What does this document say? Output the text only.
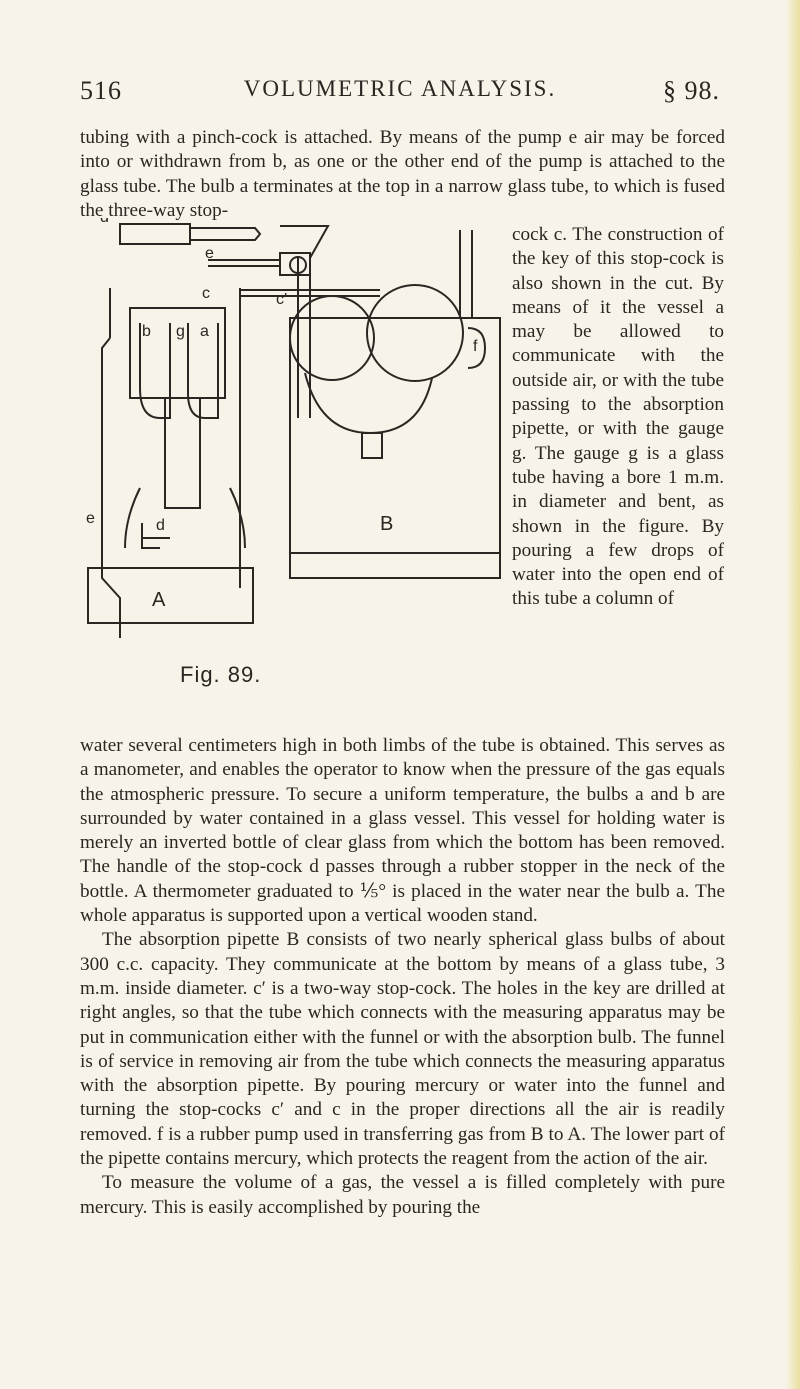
516	VOLUMETRIC ANALYSIS.	§ 98.

tubing with a pinch-cock is attached. By means of the pump e air may be forced into or withdrawn from b, as one or the other end of the pump is attached to the glass tube. The bulb a terminates at the top in a narrow glass tube, to which is fused the three-way stop-

e
c	c′
b g a
f
e	d
A
B
Fig. 89.

cock c. The construction of the key of this stop-cock is also shown in the cut. By means of it the vessel a may be allowed to communicate with the outside air, or with the tube passing to the absorption pipette, or with the gauge g. The gauge g is a glass tube having a bore 1 m.m. in diameter and bent, as shown in the figure. By pouring a few drops of water into the open end of this tube a column of

water several centimeters high in both limbs of the tube is obtained. This serves as a manometer, and enables the operator to know when the pressure of the gas equals the atmospheric pressure. To secure a uniform temperature, the bulbs a and b are surrounded by water contained in a glass vessel. This vessel for holding water is merely an inverted bottle of clear glass from which the bottom has been removed. The handle of the stop-cock d passes through a rubber stopper in the neck of the bottle. A thermometer graduated to ⅕° is placed in the water near the bulb a. The whole apparatus is supported upon a vertical wooden stand.

The absorption pipette B consists of two nearly spherical glass bulbs of about 300 c.c. capacity. They communicate at the bottom by means of a glass tube, 3 m.m. inside diameter. c′ is a two-way stop-cock. The holes in the key are drilled at right angles, so that the tube which connects with the measuring apparatus may be put in communication either with the funnel or with the absorption bulb. The funnel is of service in removing air from the tube which connects the measuring apparatus with the absorption pipette. By pouring mercury or water into the funnel and turning the stop-cocks c′ and c in the proper directions all the air is readily removed. f is a rubber pump used in transferring gas from B to A. The lower part of the pipette contains mercury, which protects the reagent from the action of the air.

To measure the volume of a gas, the vessel a is filled completely with pure mercury. This is easily accomplished by pouring the
